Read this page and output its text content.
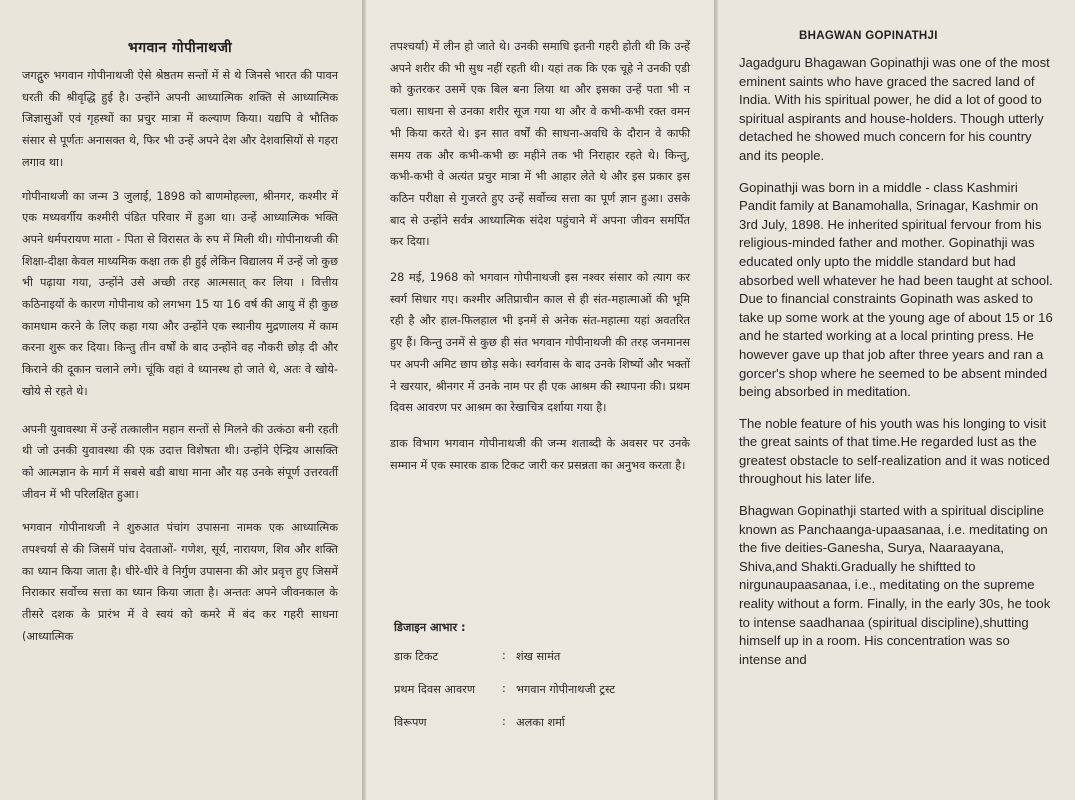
भगवान गोपीनाथजी

जगद्गुरु भगवान गोपीनाथजी ऐसे श्रेष्ठतम सन्तों में से थे जिनसे भारत की पावन धरती की श्रीवृद्धि हुई है। उन्होंने अपनी आध्यात्मिक शक्ति से आध्यात्मिक जिज्ञासुओं एवं गृहस्थों का प्रचुर मात्रा में कल्याण किया। यद्यपि वे भौतिक संसार से पूर्णतः अनासक्त थे, फिर भी उन्हें अपने देश और देशवासियों से गहरा लगाव था।

गोपीनाथजी का जन्म 3 जुलाई, 1898 को बाणमोहल्ला, श्रीनगर, कश्मीर में एक मध्यवर्गीय कश्मीरी पंडित परिवार में हुआ था। उन्हें आध्यात्मिक भक्ति अपने धर्मपरायण माता - पिता से विरासत के रुप में मिली थी। गोपीनाथजी की शिक्षा-दीक्षा केवल माध्यमिक कक्षा तक ही हुई लेकिन विद्यालय में उन्हें जो कुछ भी पढ़ाया गया, उन्होंने उसे अच्छी तरह आत्मसात् कर लिया । वित्तीय कठिनाइयों के कारण गोपीनाथ को लगभग 15 या 16 वर्ष की आयु में ही कुछ कामधाम करने के लिए कहा गया और उन्होंने एक स्थानीय मुद्रणालय में काम करना शुरू कर दिया। किन्तु तीन वर्षों के बाद उन्होंने वह नौकरी छोड़ दी और किराने की दूकान चलाने लगे। चूंकि वहां वे ध्यानस्थ हो जाते थे, अतः वे खोये-खोये से रहते थे।

अपनी युवावस्था में उन्हें तत्कालीन महान सन्तों से मिलने की उत्कंठा बनी रहती थी जो उनकी युवावस्था की एक उदात्त विशेषता थी। उन्होंने ऐन्द्रिय आसक्ति को आत्मज्ञान के मार्ग में सबसे बडी बाधा माना और यह उनके संपूर्ण उत्तरवर्ती जीवन में भी परिलक्षित हुआ।

भगवान गोपीनाथजी ने शुरुआत पंचांग उपासना नामक एक आध्यात्मिक तपश्चर्या से की जिसमें पांच देवताओं- गणेश, सूर्य, नारायण, शिव और शक्ति का ध्यान किया जाता है। धीरे-धीरे वे निर्गुण उपासना की ओर प्रवृत्त हुए जिसमें निराकार सर्वोच्च सत्ता का ध्यान किया जाता है। अन्ततः अपने जीवनकाल के तीसरे दशक के प्रारंभ में वे स्वयं को कमरे में बंद कर गहरी साधना (आध्यात्मिक

तपश्चर्या) में लीन हो जाते थे। उनकी समाधि इतनी गहरी होती थी कि उन्हें अपने शरीर की भी सुध नहीं रहती थी। यहां तक कि एक चूहे ने उनकी एडी को कुतरकर उसमें एक बिल बना लिया था और इसका उन्हें पता भी न चला। साधना से उनका शरीर सूज गया था और वे कभी-कभी रक्त वमन भी किया करते थे। इन सात वर्षों की साधना-अवधि के दौरान वे काफी समय तक और कभी-कभी छः महीने तक भी निराहार रहते थे। किन्तु, कभी-कभी वे अत्यंत प्रचुर मात्रा में भी आहार लेते थे और इस प्रकार इस कठिन परीक्षा से गुजरते हुए उन्हें सर्वोच्च सत्ता का पूर्ण ज्ञान हुआ। उसके बाद से उन्होंने सर्वत्र आध्यात्मिक संदेश पहुंचाने में अपना जीवन समर्पित कर दिया।

28 मई, 1968 को भगवान गोपीनाथजी इस नश्वर संसार को त्याग कर स्वर्ग सिधार गए। कश्मीर अतिप्राचीन काल से ही संत-महात्माओं की भूमि रही है और हाल-फिलहाल भी इनमें से अनेक संत-महात्मा यहां अवतरित हुए हैं। किन्तु उनमें से कुछ ही संत भगवान गोपीनाथजी की तरह जनमानस पर अपनी अमिट छाप छोड़ सके। स्वर्गवास के बाद उनके शिष्यों और भक्तों ने खरयार, श्रीनगर में उनके नाम पर ही एक आश्रम की स्थापना की। प्रथम दिवस आवरण पर आश्रम का रेखाचित्र दर्शाया गया है।

डाक विभाग भगवान गोपीनाथजी की जन्म शताब्दी के अवसर पर उनके सम्मान में एक स्मारक डाक टिकट जारी कर प्रसन्नता का अनुभव करता है।

डिजाइन आभार :
डाक टिकट	: शंख सामंत
प्रथम दिवस आवरण	: भगवान गोपीनाथजी ट्रस्ट
विरूपण	: अलका शर्मा
BHAGWAN GOPINATHJI

Jagadguru Bhagawan Gopinathji was one of the most eminent saints who have graced the sacred land of India. With his spiritual power, he did a lot of good to spiritual aspirants and house-holders. Though utterly detached he showed much concern for his country and its people.

Gopinathji was born in a middle - class Kashmiri Pandit family at Banamohalla, Srinagar, Kashmir on 3rd July, 1898. He inherited spiritual fervour from his religious-minded father and mother. Gopinathji was educated only upto the middle standard but had absorbed well whatever he had been taught at school. Due to financial constraints Gopinath was asked to take up some work at the young age of about 15 or 16 and he started working at a local printing press. He however gave up that job after three years and ran a gorcer's shop where he seemed to be absent minded being absorbed in meditation.

The noble feature of his youth was his longing to visit the great saints of that time.He regarded lust as the greatest obstacle to self-realization and it was noticed throughout his later life.

Bhagwan Gopinathji started with a spiritual discipline known as Panchaanga-upaasanaa, i.e. meditating on the five deities-Ganesha, Surya, Naaraayana, Shiva,and Shakti.Gradually he shiftted to nirgunaupaasanaa, i.e., meditating on the supreme reality without a form. Finally, in the early 30s, he took to intense saadhanaa (spiritual discipline),shutting himself up in a room. His concentration was so intense and
